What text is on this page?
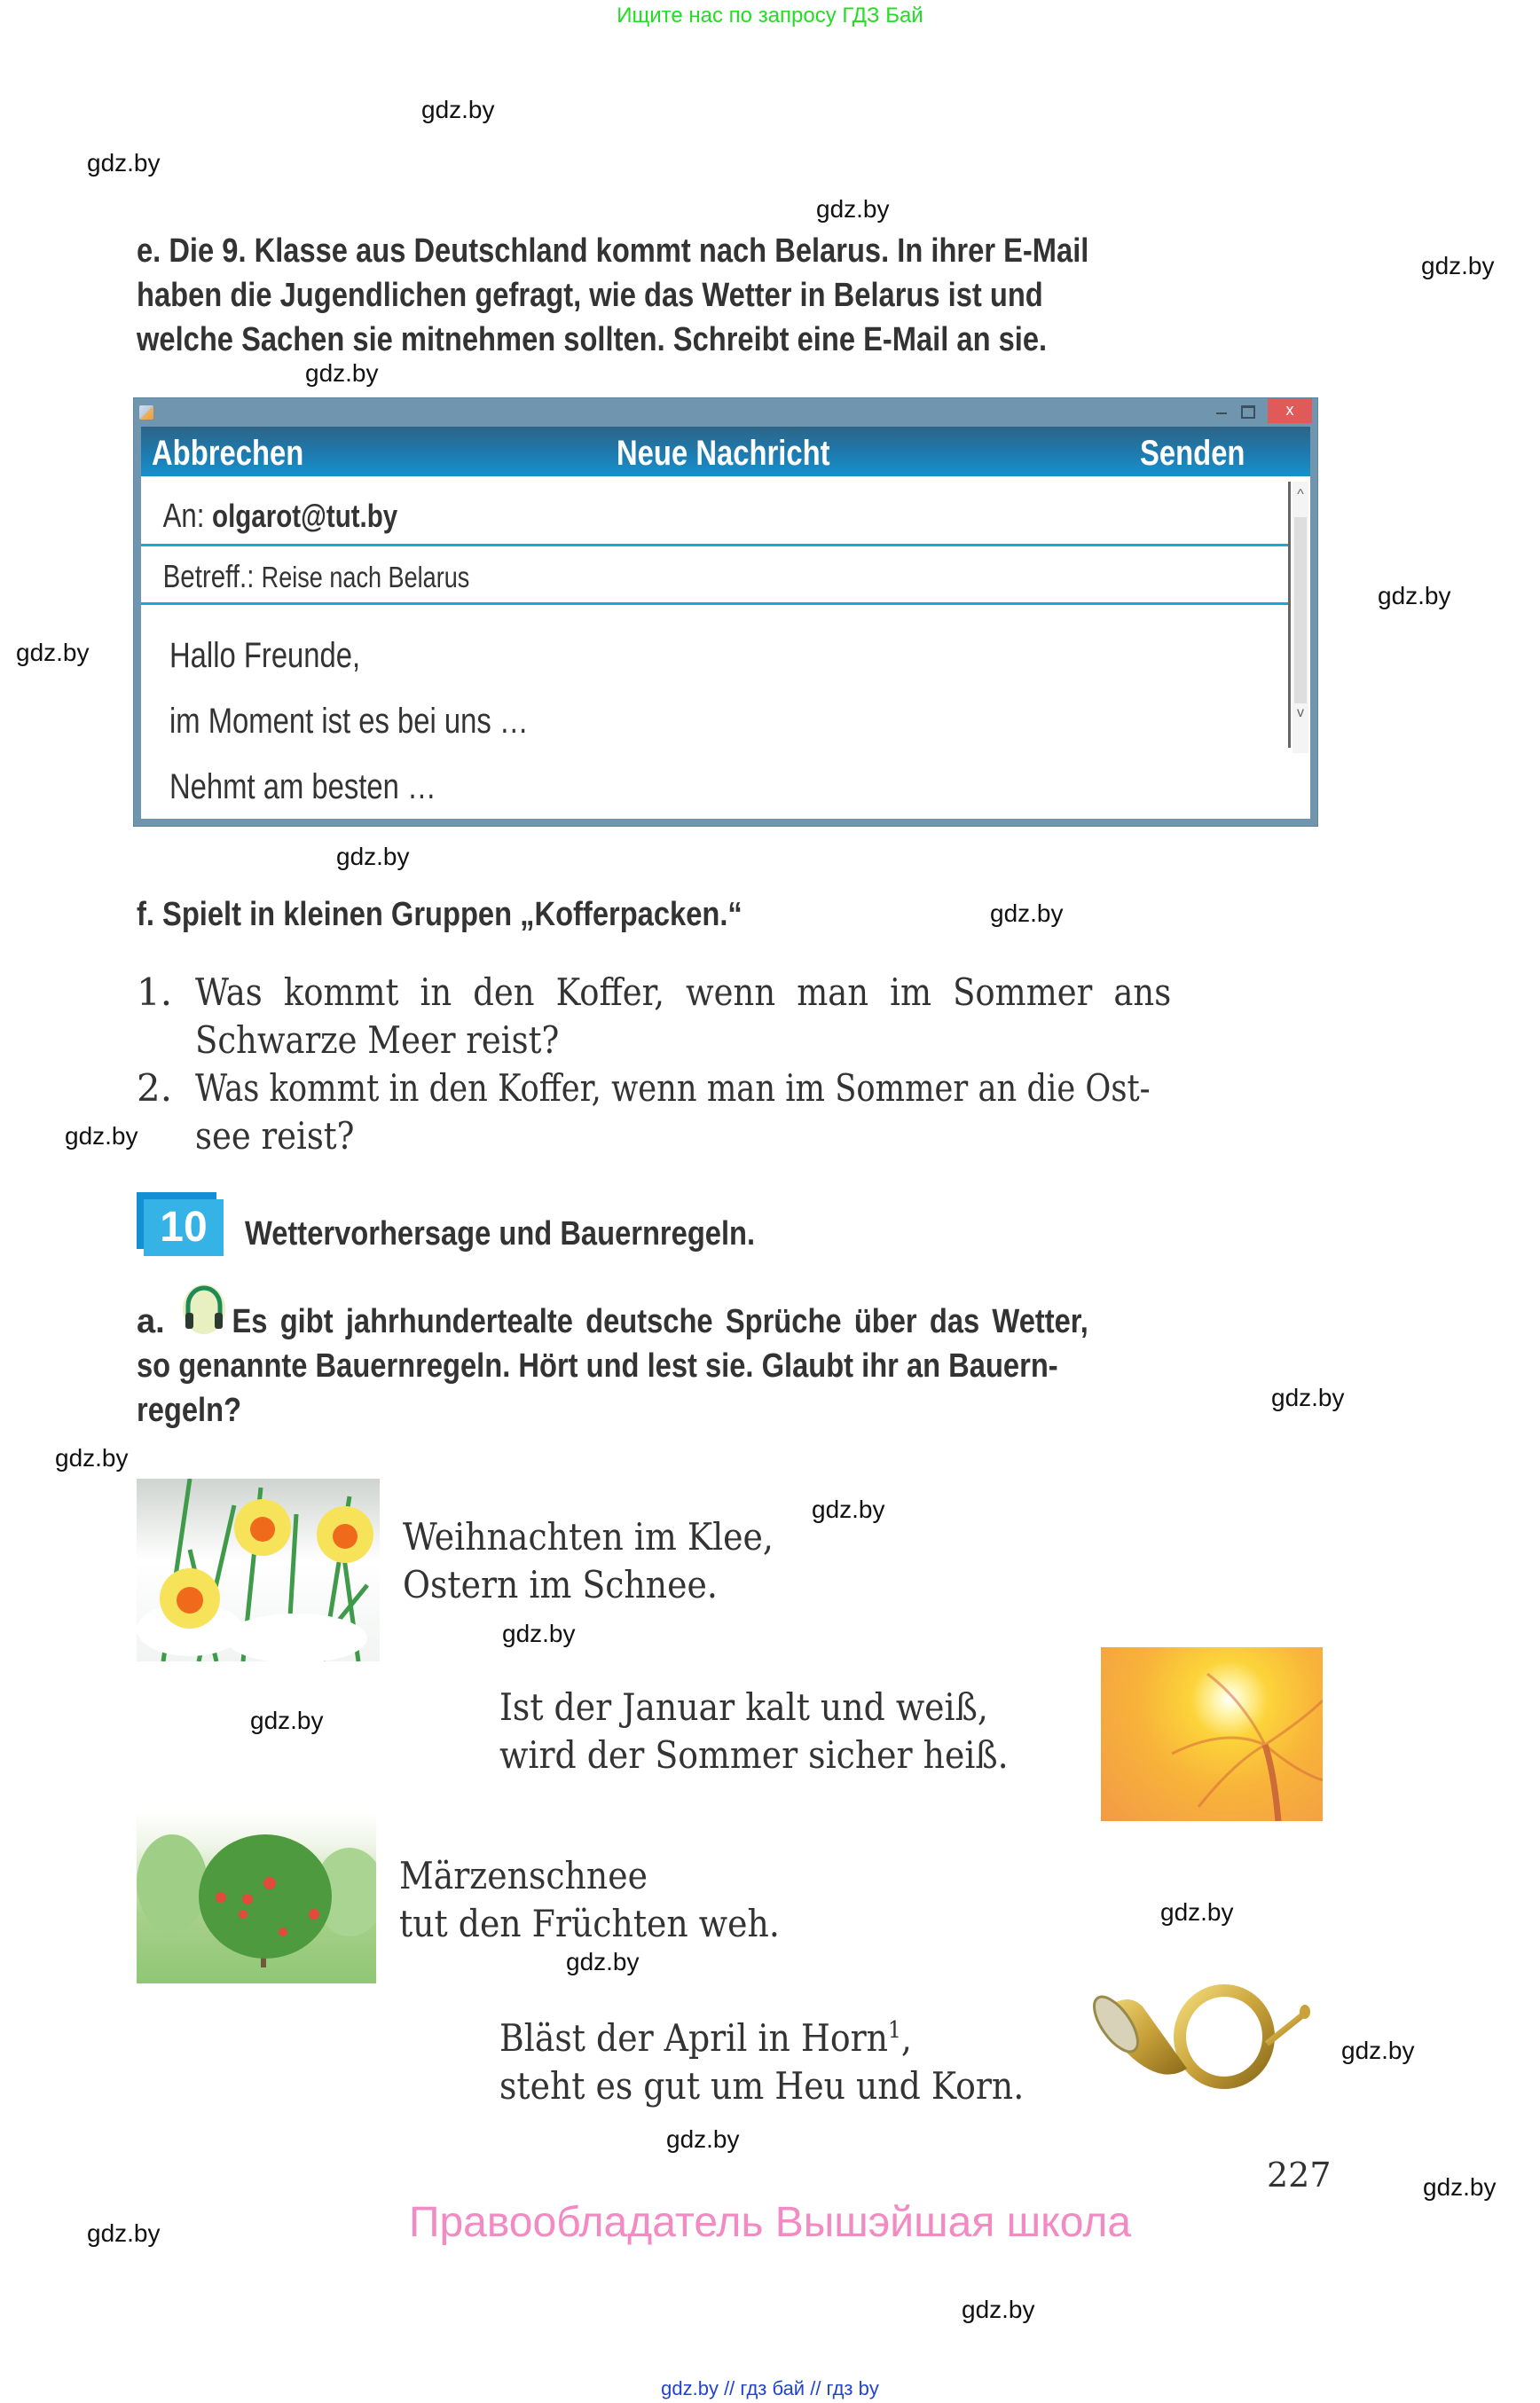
Ищите нас по запросу ГДЗ Бай
gdz.by
gdz.by
gdz.by
gdz.by
gdz.by
gdz.by
gdz.by
gdz.by
gdz.by
gdz.by
gdz.by
gdz.by
gdz.by
gdz.by
gdz.by
gdz.by
gdz.by
gdz.by
gdz.by
gdz.by
gdz.by
gdz.by
e. Die 9. Klasse aus Deutschland kommt nach Belarus. In ihrer E-Mail
haben die Jugendlichen gefragt, wie das Wetter in Belarus ist und
welche Sachen sie mitnehmen sollten. Schreibt eine E-Mail an sie.
x
Abbrechen	Neue Nachricht	Senden
An: olgarot@tut.by
Betreff.: Reise nach Belarus
Hallo Freunde,
im Moment ist es bei uns …
Nehmt am besten …
^
v
f. Spielt in kleinen Gruppen „Kofferpacken.“
1. Was kommt in den Koffer, wenn man im Sommer ans
Schwarze Meer reist?
2. Was kommt in den Koffer, wenn man im Sommer an die Ost-
see reist?
10	Wettervorhersage und Bauernregeln.
a.	Es gibt jahrhundertealte deutsche Sprüche über das Wetter,
so genannte Bauernregeln. Hört und lest sie. Glaubt ihr an Bauern-
regeln?
Weihnachten im Klee,
Ostern im Schnee.
Ist der Januar kalt und weiß,
wird der Sommer sicher heiß.
Märzenschnee
tut den Früchten weh.
Bläst der April in Horn$^1$,
steht es gut um Heu und Korn.
227
Правообладатель Вышэйшая школа
gdz.by // гдз бай // гдз by
